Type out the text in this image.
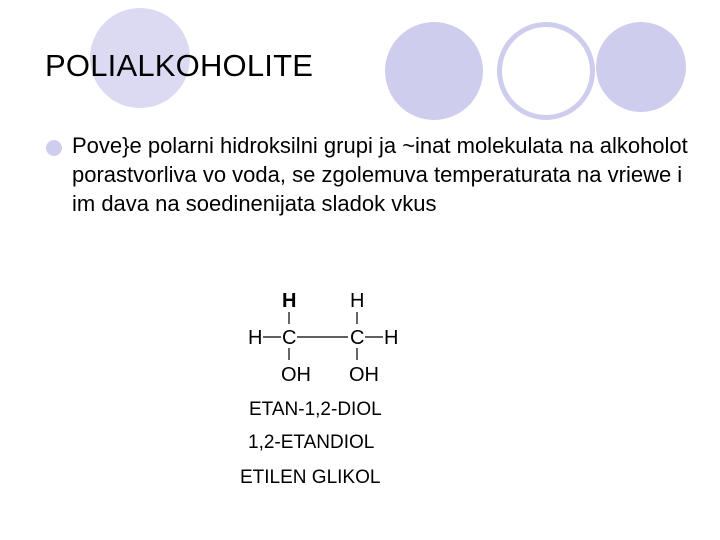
POLIALKOHOLITE
Pove}e polarni hidroksilni grupi ja ~inat molekulata na alkoholot porastvorliva vo voda, se zgolemuva temperaturata na vriewe i im dava na soedinenijata sladok vkus
H	H
H C	C H
OH OH
ETAN-1,2-DIOL
1,2-ETANDIOL
ETILEN GLIKOL
